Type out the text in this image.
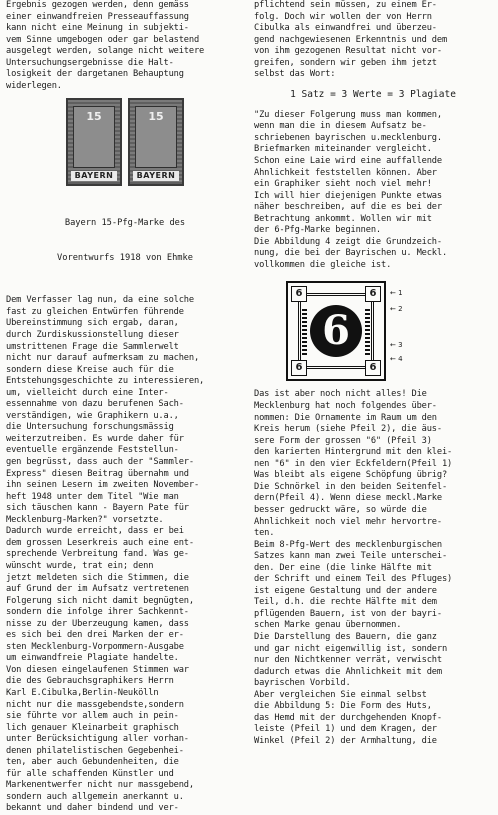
Ergebnis gezogen werden, denn gemäss
einer einwandfreien Presseauffassung
kann nicht eine Meinung in subjekti-
vem Sinne umgebogen oder gar belastend
ausgelegt werden, solange nicht weitere
Untersuchungsergebnisse die Halt-
losigkeit der dargetanen Behauptung
widerlegen.
15
BAYERN
15
BAYERN

Bayern 15-Pfg-Marke des

Vorentwurfs 1918 von Ehmke

Dem Verfasser lag nun, da eine solche
fast zu gleichen Entwürfen führende
Übereinstimmung sich ergab, daran,
durch Zurdiskussionstellung dieser
umstrittenen Frage die Sammlerwelt
nicht nur darauf aufmerksam zu machen,
sondern diese Kreise auch für die
Entstehungsgeschichte zu interessieren,
um, vielleicht durch eine Inter-
essennahme von dazu berufenen Sach-
verständigen, wie Graphikern u.a.,
die Untersuchung forschungsmässig
weiterzutreiben. Es wurde daher für
eventuelle ergänzende Feststellun-
gen begrüsst, dass auch der "Sammler-
Express" diesen Beitrag übernahm und
ihn seinen Lesern im zweiten November-
heft 1948 unter dem Titel "Wie man
sich täuschen kann - Bayern Pate für
Mecklenburg-Marken?" vorsetzte.
Dadurch wurde erreicht, dass er bei
dem grossen Leserkreis auch eine ent-
sprechende Verbreitung fand. Was ge-
wünscht wurde, trat ein; denn
jetzt meldeten sich die Stimmen, die
auf Grund der im Aufsatz vertretenen
Folgerung sich nicht damit begnügten,
sondern die infolge ihrer Sachkennt-
nisse zu der Überzeugung kamen, dass
es sich bei den drei Marken der er-
sten Mecklenburg-Vorpommern-Ausgabe
um einwandfreie Plagiate handelte.
Von diesen eingelaufenen Stimmen war
die des Gebrauchsgraphikers Herrn
Karl E.Cibulka,Berlin-Neukölln
nicht nur die massgebendste,sondern
sie führte vor allem auch in pein-
lich genauer Kleinarbeit graphisch
unter Berücksichtigung aller vorhan-
denen philatelistischen Gegebenhei-
ten, aber auch Gebundenheiten, die
für alle schaffenden Künstler und
Markenentwerfer nicht nur massgebend,
sondern auch allgemein anerkannt u.
bekannt und daher bindend und ver-
pflichtend sein müssen, zu einem Er-
folg. Doch wir wollen der von Herrn
Cibulka als einwandfrei und überzeu-
gend nachgewiesenen Erkenntnis und dem
von ihm gezogenen Resultat nicht vor-
greifen, sondern wir geben ihm jetzt
selbst das Wort:
1 Satz = 3 Werte = 3 Plagiate
"Zu dieser Folgerung muss man kommen,
wenn man die in diesem Aufsatz be-
schriebenen bayrischen u.mecklenburg.
Briefmarken miteinander vergleicht.
Schon eine Laie wird eine auffallende
Ähnlichkeit feststellen können. Aber
ein Graphiker sieht noch viel mehr!
Ich will hier diejenigen Punkte etwas
näher beschreiben, auf die es bei der
Betrachtung ankommt. Wollen wir mit
der 6-Pfg-Marke beginnen.
Die Abbildung 4 zeigt die Grundzeich-
nung, die bei der Bayrischen u. Meckl.
vollkommen die gleiche ist.
6	6
6	6
6
← 1
← 2
← 3
← 4
Das ist aber noch nicht alles! Die
Mecklenburg hat noch folgendes über-
nommen: Die Ornamente im Raum um den
Kreis herum (siehe Pfeil 2), die äus-
sere Form der grossen "6" (Pfeil 3)
den karierten Hintergrund mit den klei-
nen "6" in den vier Eckfeldern(Pfeil 1)
Was bleibt als eigene Schöpfung übrig?
Die Schnörkel in den beiden Seitenfel-
dern(Pfeil 4). Wenn diese meckl.Marke
besser gedruckt wäre, so würde die
Ähnlichkeit noch viel mehr hervortre-
ten.
Beim 8-Pfg-Wert des mecklenburgischen
Satzes kann man zwei Teile unterschei-
den. Der eine (die linke Hälfte mit
der Schrift und einem Teil des Pfluges)
ist eigene Gestaltung und der andere
Teil, d.h. die rechte Hälfte mit dem
pflügenden Bauern, ist von der bayri-
schen Marke genau übernommen.
Die Darstellung des Bauern, die ganz
und gar nicht eigenwillig ist, sondern
nur den Nichtkenner verrät, verwischt
dadurch etwas die Ähnlichkeit mit dem
bayrischen Vorbild.
Aber vergleichen Sie einmal selbst
die Abbildung 5: Die Form des Huts,
das Hemd mit der durchgehenden Knopf-
leiste (Pfeil 1) und dem Kragen, der
Winkel (Pfeil 2) der Armhaltung, die
